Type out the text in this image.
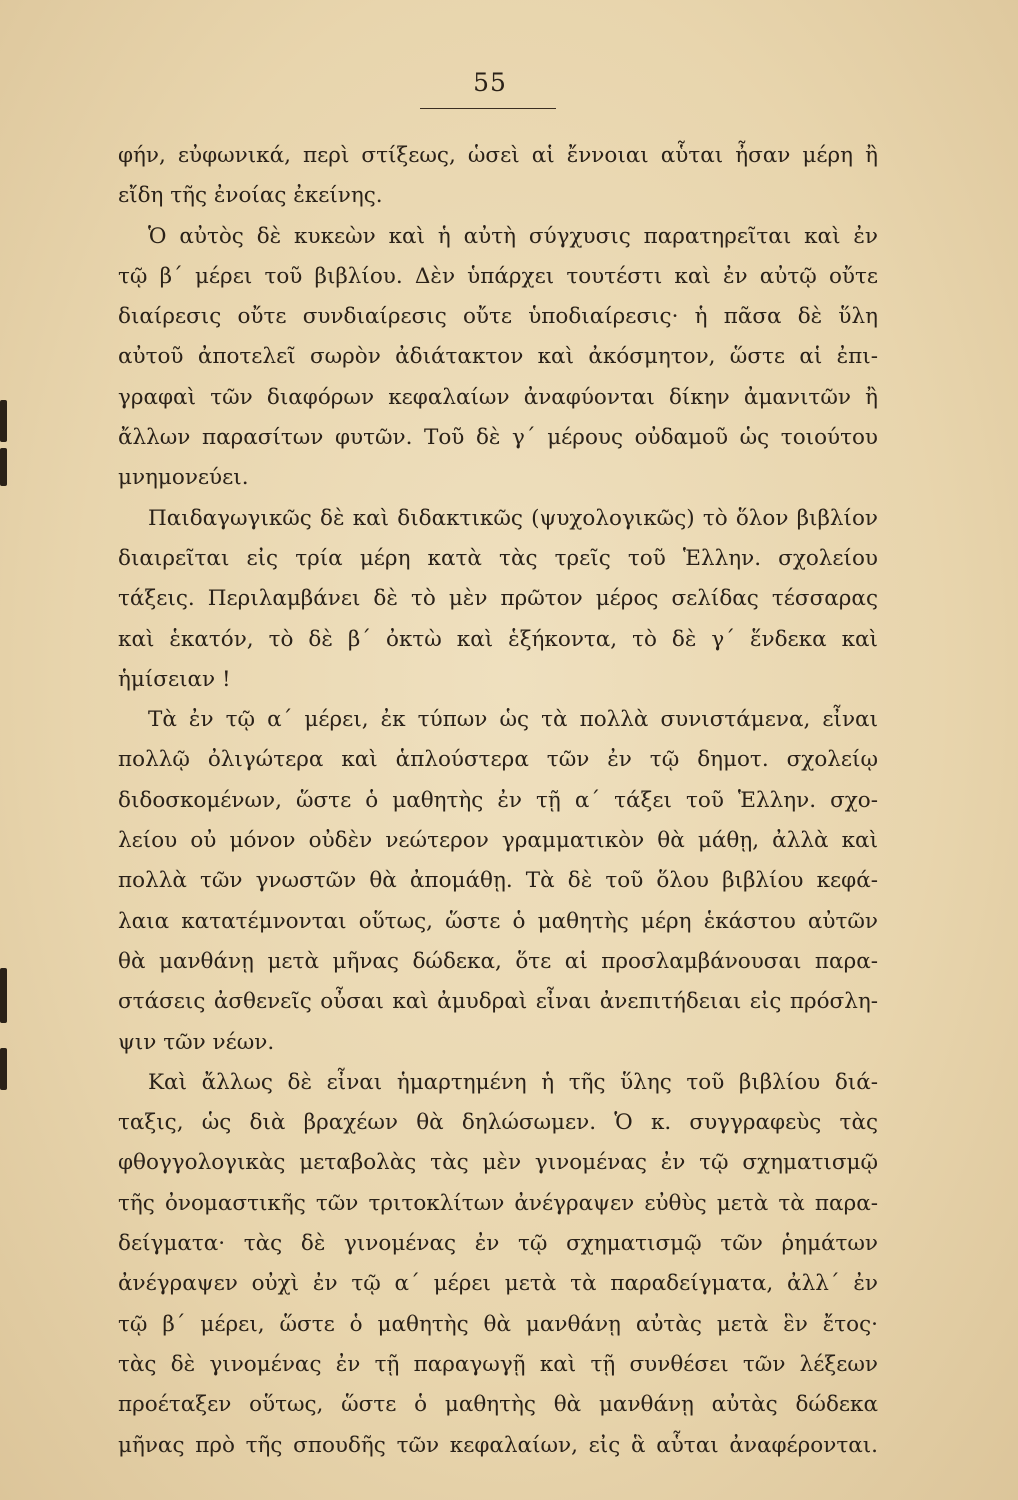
55
φήν, εὐφωνικά, περὶ στίξεως, ὡσεὶ αἱ ἔννοιαι αὗται ἦσαν μέρη ἢ
εἴδη τῆς ἐνοίας ἐκείνης.
Ὁ αὐτὸς δὲ κυκεὼν καὶ ἡ αὐτὴ σύγχυσις παρατηρεῖται καὶ ἐν
τῷ β΄ μέρει τοῦ βιβλίου. Δὲν ὑπάρχει τουτέστι καὶ ἐν αὐτῷ οὔτε
διαίρεσις οὔτε συνδιαίρεσις οὔτε ὑποδιαίρεσις· ἡ πᾶσα δὲ ὕλη
αὐτοῦ ἀποτελεῖ σωρὸν ἀδιάτακτον καὶ ἀκόσμητον, ὥστε αἱ ἐπι-
γραφαὶ τῶν διαφόρων κεφαλαίων ἀναφύονται δίκην ἀμανιτῶν ἢ
ἄλλων παρασίτων φυτῶν. Τοῦ δὲ γ΄ μέρους οὐδαμοῦ ὡς τοιούτου
μνημονεύει.
Παιδαγωγικῶς δὲ καὶ διδακτικῶς (ψυχολογικῶς) τὸ ὅλον βιβλίον
διαιρεῖται εἰς τρία μέρη κατὰ τὰς τρεῖς τοῦ Ἑλλην. σχολείου
τάξεις. Περιλαμβάνει δὲ τὸ μὲν πρῶτον μέρος σελίδας τέσσαρας
καὶ ἑκατόν, τὸ δὲ β΄ ὀκτὼ καὶ ἑξήκοντα, τὸ δὲ γ΄ ἕνδεκα καὶ
ἡμίσειαν !
Τὰ ἐν τῷ α΄ μέρει, ἐκ τύπων ὡς τὰ πολλὰ συνιστάμενα, εἶναι
πολλῷ ὀλιγώτερα καὶ ἁπλούστερα τῶν ἐν τῷ δημοτ. σχολείῳ
διδοσκομένων, ὥστε ὁ μαθητὴς ἐν τῇ α΄ τάξει τοῦ Ἑλλην. σχο-
λείου οὐ μόνον οὐδὲν νεώτερον γραμματικὸν θὰ μάθῃ, ἀλλὰ καὶ
πολλὰ τῶν γνωστῶν θὰ ἀπομάθῃ. Τὰ δὲ τοῦ ὅλου βιβλίου κεφά-
λαια κατατέμνονται οὕτως, ὥστε ὁ μαθητὴς μέρη ἑκάστου αὐτῶν
θὰ μανθάνῃ μετὰ μῆνας δώδεκα, ὅτε αἱ προσλαμβάνουσαι παρα-
στάσεις ἀσθενεῖς οὖσαι καὶ ἀμυδραὶ εἶναι ἀνεπιτήδειαι εἰς πρόσλη-
ψιν τῶν νέων.
Καὶ ἄλλως δὲ εἶναι ἡμαρτημένη ἡ τῆς ὕλης τοῦ βιβλίου διά-
ταξις, ὡς διὰ βραχέων θὰ δηλώσωμεν. Ὁ κ. συγγραφεὺς τὰς
φθογγολογικὰς μεταβολὰς τὰς μὲν γινομένας ἐν τῷ σχηματισμῷ
τῆς ὀνομαστικῆς τῶν τριτοκλίτων ἀνέγραψεν εὐθὺς μετὰ τὰ παρα-
δείγματα· τὰς δὲ γινομένας ἐν τῷ σχηματισμῷ τῶν ῥημάτων
ἀνέγραψεν οὐχὶ ἐν τῷ α΄ μέρει μετὰ τὰ παραδείγματα, ἀλλ΄ ἐν
τῷ β΄ μέρει, ὥστε ὁ μαθητὴς θὰ μανθάνῃ αὐτὰς μετὰ ἓν ἔτος·
τὰς δὲ γινομένας ἐν τῇ παραγωγῇ καὶ τῇ συνθέσει τῶν λέξεων
προέταξεν οὕτως, ὥστε ὁ μαθητὴς θὰ μανθάνῃ αὐτὰς δώδεκα
μῆνας πρὸ τῆς σπουδῆς τῶν κεφαλαίων, εἰς ἃ αὗται ἀναφέρονται.
